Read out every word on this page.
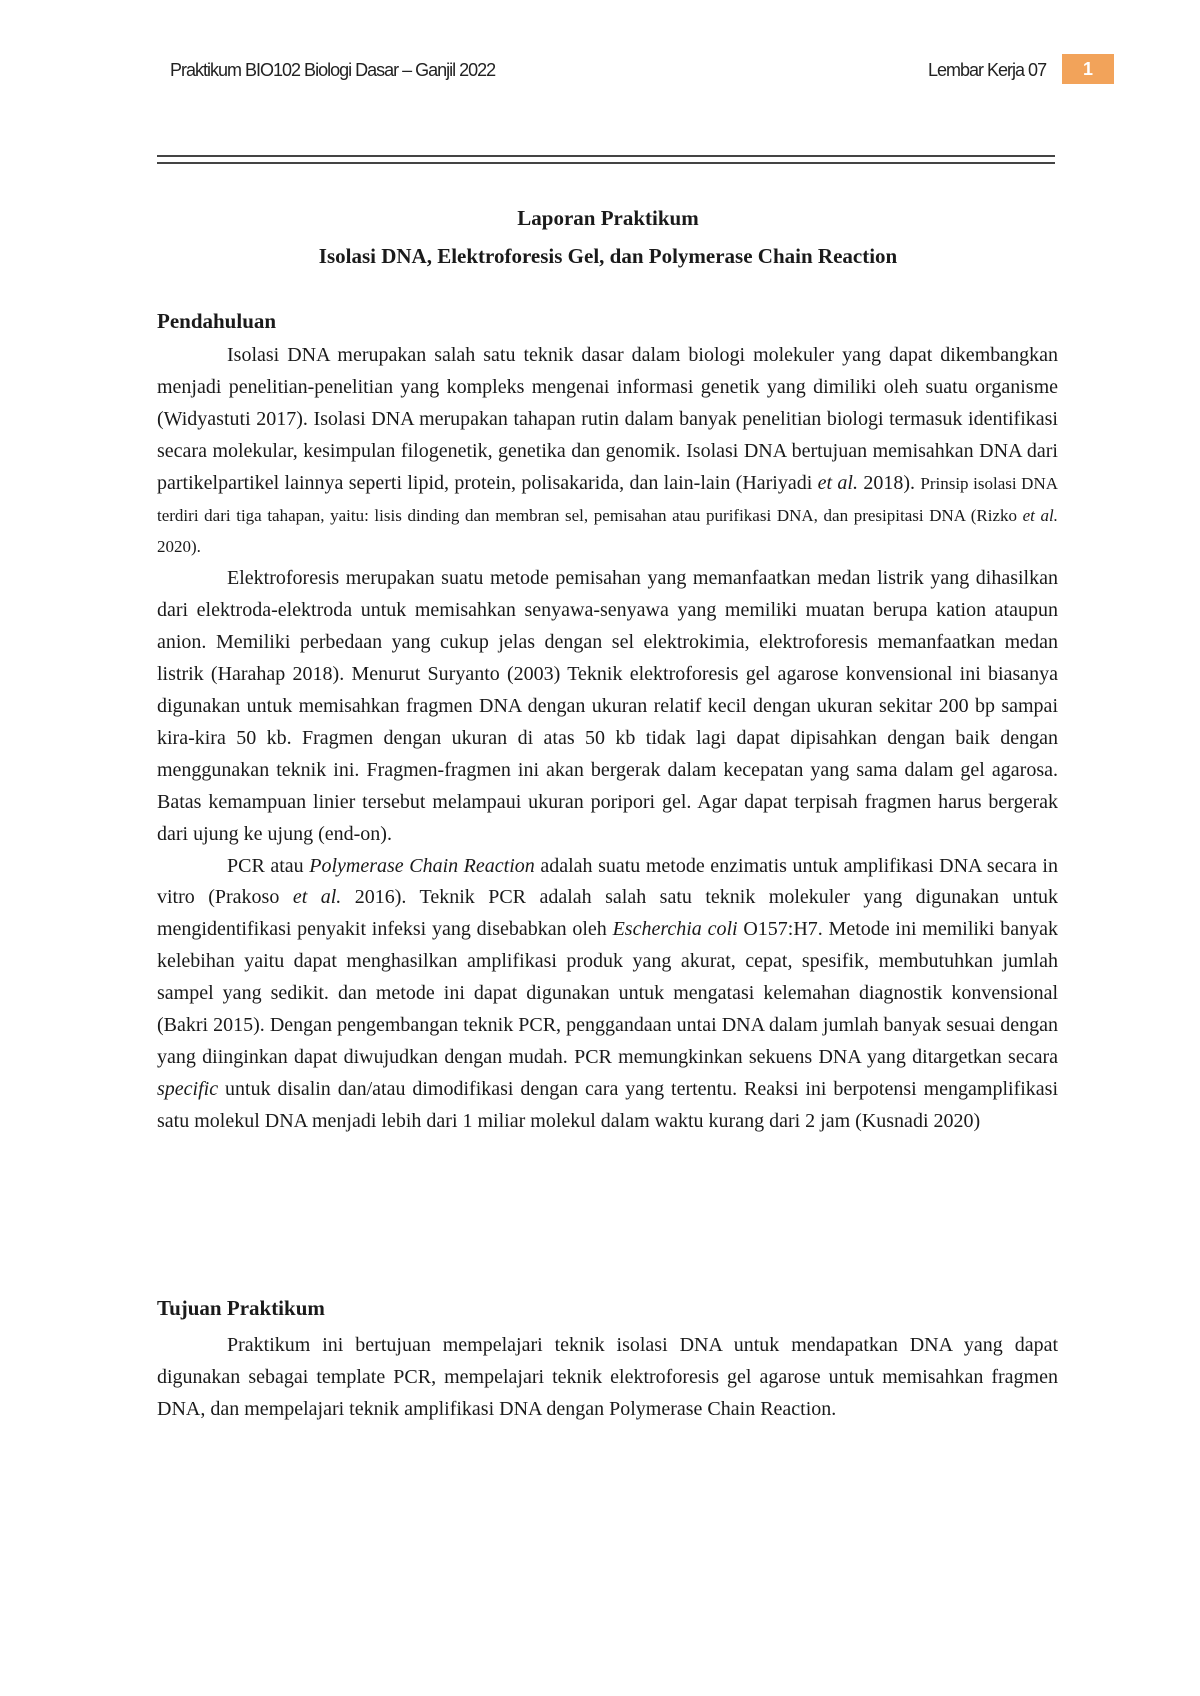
Praktikum BIO102 Biologi Dasar – Ganjil 2022	Lembar Kerja 07	1
Laporan Praktikum
Isolasi DNA, Elektroforesis Gel, dan Polymerase Chain Reaction
Pendahuluan

Isolasi DNA merupakan salah satu teknik dasar dalam biologi molekuler yang dapat dikembangkan menjadi penelitian-penelitian yang kompleks mengenai informasi genetik yang dimiliki oleh suatu organisme (Widyastuti 2017). Isolasi DNA merupakan tahapan rutin dalam banyak penelitian biologi termasuk identifikasi secara molekular, kesimpulan filogenetik, genetika dan genomik. Isolasi DNA bertujuan memisahkan DNA dari partikelpartikel lainnya seperti lipid, protein, polisakarida, dan lain-lain (Hariyadi et al. 2018). Prinsip isolasi DNA terdiri dari tiga tahapan, yaitu: lisis dinding dan membran sel, pemisahan atau purifikasi DNA, dan presipitasi DNA (Rizko et al. 2020).

Elektroforesis merupakan suatu metode pemisahan yang memanfaatkan medan listrik yang dihasilkan dari elektroda-elektroda untuk memisahkan senyawa-senyawa yang memiliki muatan berupa kation ataupun anion. Memiliki perbedaan yang cukup jelas dengan sel elektrokimia, elektroforesis memanfaatkan medan listrik (Harahap 2018). Menurut Suryanto (2003) Teknik elektroforesis gel agarose konvensional ini biasanya digunakan untuk memisahkan fragmen DNA dengan ukuran relatif kecil dengan ukuran sekitar 200 bp sampai kira-kira 50 kb. Fragmen dengan ukuran di atas 50 kb tidak lagi dapat dipisahkan dengan baik dengan menggunakan teknik ini. Fragmen-fragmen ini akan bergerak dalam kecepatan yang sama dalam gel agarosa. Batas kemampuan linier tersebut melampaui ukuran poripori gel. Agar dapat terpisah fragmen harus bergerak dari ujung ke ujung (end-on).

PCR atau Polymerase Chain Reaction adalah suatu metode enzimatis untuk amplifikasi DNA secara in vitro (Prakoso et al. 2016). Teknik PCR adalah salah satu teknik molekuler yang digunakan untuk mengidentifikasi penyakit infeksi yang disebabkan oleh Escherchia coli O157:H7. Metode ini memiliki banyak kelebihan yaitu dapat menghasilkan amplifikasi produk yang akurat, cepat, spesifik, membutuhkan jumlah sampel yang sedikit. dan metode ini dapat digunakan untuk mengatasi kelemahan diagnostik konvensional (Bakri 2015). Dengan pengembangan teknik PCR, penggandaan untai DNA dalam jumlah banyak sesuai dengan yang diinginkan dapat diwujudkan dengan mudah. PCR memungkinkan sekuens DNA yang ditargetkan secara specific untuk disalin dan/atau dimodifikasi dengan cara yang tertentu. Reaksi ini berpotensi mengamplifikasi satu molekul DNA menjadi lebih dari 1 miliar molekul dalam waktu kurang dari 2 jam (Kusnadi 2020)

Tujuan Praktikum

Praktikum ini bertujuan mempelajari teknik isolasi DNA untuk mendapatkan DNA yang dapat digunakan sebagai template PCR, mempelajari teknik elektroforesis gel agarose untuk memisahkan fragmen DNA, dan mempelajari teknik amplifikasi DNA dengan Polymerase Chain Reaction.
